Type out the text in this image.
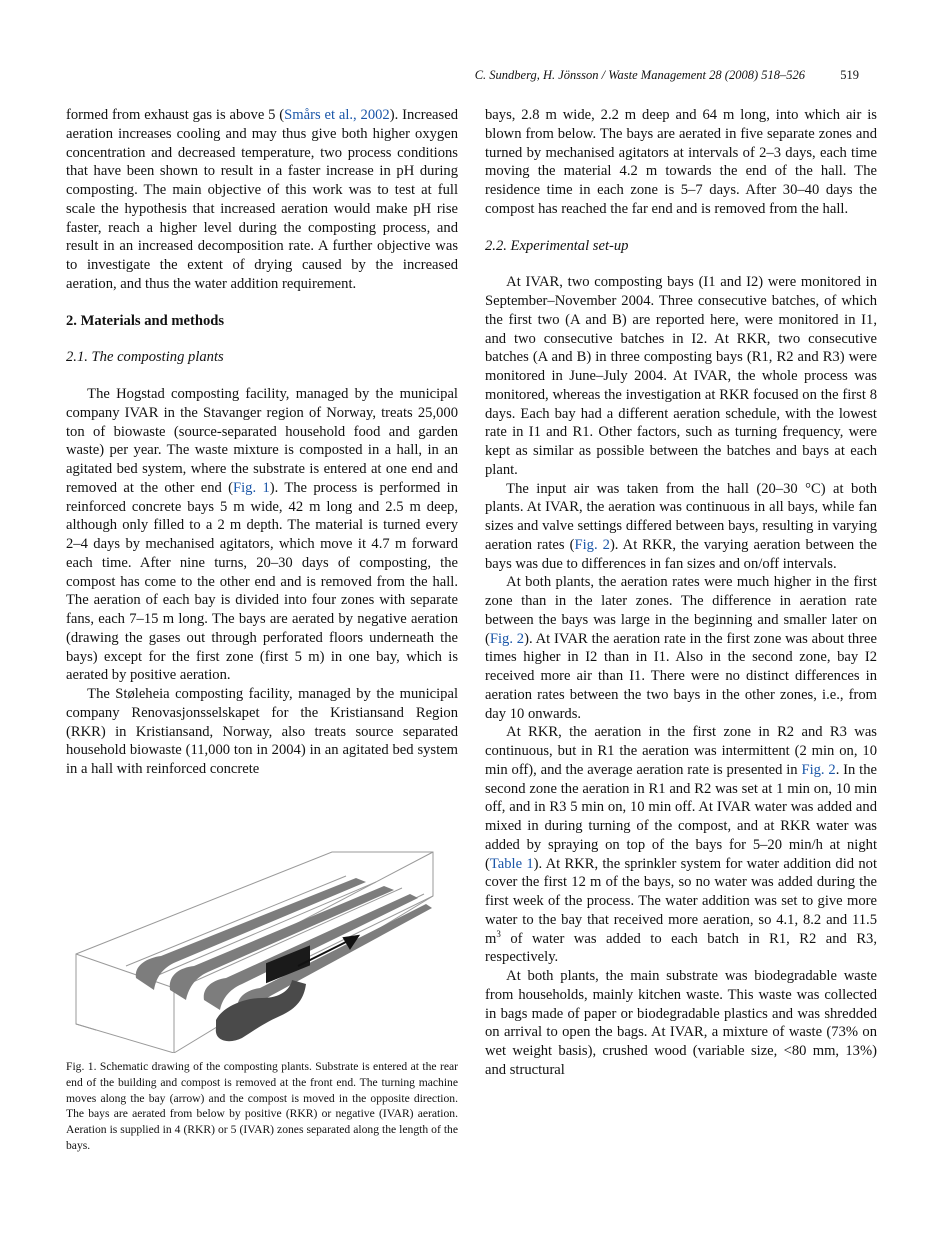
C. Sundberg, H. Jönsson / Waste Management 28 (2008) 518–526	519

formed from exhaust gas is above 5 (Smårs et al., 2002). Increased aeration increases cooling and may thus give both higher oxygen concentration and decreased temperature, two process conditions that have been shown to result in a faster increase in pH during composting. The main objective of this work was to test at full scale the hypothesis that increased aeration would make pH rise faster, reach a higher level during the composting process, and result in an increased decomposition rate. A further objective was to investigate the extent of drying caused by the increased aeration, and thus the water addition requirement.

2. Materials and methods
2.1. The composting plants

The Hogstad composting facility, managed by the municipal company IVAR in the Stavanger region of Norway, treats 25,000 ton of biowaste (source-separated household food and garden waste) per year. The waste mixture is composted in a hall, in an agitated bed system, where the substrate is entered at one end and removed at the other end (Fig. 1). The process is performed in reinforced concrete bays 5 m wide, 42 m long and 2.5 m deep, although only filled to a 2 m depth. The material is turned every 2–4 days by mechanised agitators, which move it 4.7 m forward each time. After nine turns, 20–30 days of composting, the compost has come to the other end and is removed from the hall. The aeration of each bay is divided into four zones with separate fans, each 7–15 m long. The bays are aerated by negative aeration (drawing the gases out through perforated floors underneath the bays) except for the first zone (first 5 m) in one bay, which is aerated by positive aeration.

The Støleheia composting facility, managed by the municipal company Renovasjonsselskapet for the Kristiansand Region (RKR) in Kristiansand, Norway, also treats source separated household biowaste (11,000 ton in 2004) in an agitated bed system in a hall with reinforced concrete

Fig. 1. Schematic drawing of the composting plants. Substrate is entered at the rear end of the building and compost is removed at the front end. The turning machine moves along the bay (arrow) and the compost is moved in the opposite direction. The bays are aerated from below by positive (RKR) or negative (IVAR) aeration. Aeration is supplied in 4 (RKR) or 5 (IVAR) zones separated along the length of the bays.

bays, 2.8 m wide, 2.2 m deep and 64 m long, into which air is blown from below. The bays are aerated in five separate zones and turned by mechanised agitators at intervals of 2–3 days, each time moving the material 4.2 m towards the end of the hall. The residence time in each zone is 5–7 days. After 30–40 days the compost has reached the far end and is removed from the hall.

2.2. Experimental set-up

At IVAR, two composting bays (I1 and I2) were monitored in September–November 2004. Three consecutive batches, of which the first two (A and B) are reported here, were monitored in I1, and two consecutive batches in I2. At RKR, two consecutive batches (A and B) in three composting bays (R1, R2 and R3) were monitored in June–July 2004. At IVAR, the whole process was monitored, whereas the investigation at RKR focused on the first 8 days. Each bay had a different aeration schedule, with the lowest rate in I1 and R1. Other factors, such as turning frequency, were kept as similar as possible between the batches and bays at each plant.

The input air was taken from the hall (20–30 °C) at both plants. At IVAR, the aeration was continuous in all bays, while fan sizes and valve settings differed between bays, resulting in varying aeration rates (Fig. 2). At RKR, the varying aeration between the bays was due to differences in fan sizes and on/off intervals.

At both plants, the aeration rates were much higher in the first zone than in the later zones. The difference in aeration rate between the bays was large in the beginning and smaller later on (Fig. 2). At IVAR the aeration rate in the first zone was about three times higher in I2 than in I1. Also in the second zone, bay I2 received more air than I1. There were no distinct differences in aeration rates between the two bays in the other zones, i.e., from day 10 onwards.

At RKR, the aeration in the first zone in R2 and R3 was continuous, but in R1 the aeration was intermittent (2 min on, 10 min off), and the average aeration rate is presented in Fig. 2. In the second zone the aeration in R1 and R2 was set at 1 min on, 10 min off, and in R3 5 min on, 10 min off. At IVAR water was added and mixed in during turning of the compost, and at RKR water was added by spraying on top of the bays for 5–20 min/h at night (Table 1). At RKR, the sprinkler system for water addition did not cover the first 12 m of the bays, so no water was added during the first week of the process. The water addition was set to give more water to the bay that received more aeration, so 4.1, 8.2 and 11.5 $m^3$ of water was added to each batch in R1, R2 and R3, respectively.

At both plants, the main substrate was biodegradable waste from households, mainly kitchen waste. This waste was collected in bags made of paper or biodegradable plastics and was shredded on arrival to open the bags. At IVAR, a mixture of waste (73% on wet weight basis), crushed wood (variable size, <80 mm, 13%) and structural
